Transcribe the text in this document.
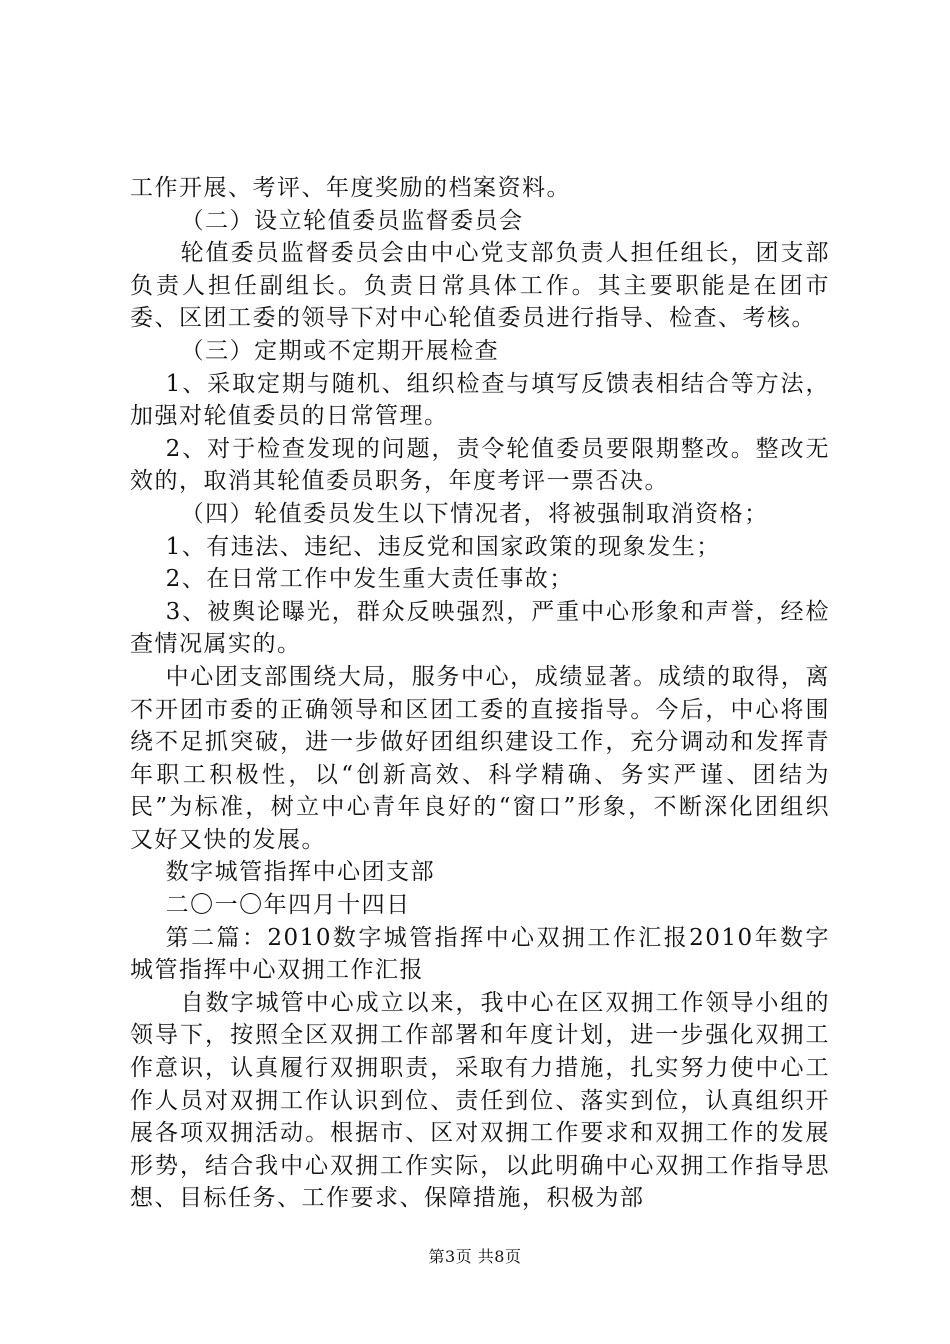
工作开展、考评、年度奖励的档案资料。

（二）设立轮值委员监督委员会

轮值委员监督委员会由中心党支部负责人担任组长，团支部负责人担任副组长。负责日常具体工作。其主要职能是在团市委、区团工委的领导下对中心轮值委员进行指导、检查、考核。

（三）定期或不定期开展检查

1、采取定期与随机、组织检查与填写反馈表相结合等方法，加强对轮值委员的日常管理。

2、对于检查发现的问题，责令轮值委员要限期整改。整改无效的，取消其轮值委员职务，年度考评一票否决。

（四）轮值委员发生以下情况者，将被强制取消资格；

1、有违法、违纪、违反党和国家政策的现象发生；

2、在日常工作中发生重大责任事故；

3、被舆论曝光，群众反映强烈，严重中心形象和声誉，经检查情况属实的。

中心团支部围绕大局，服务中心，成绩显著。成绩的取得，离不开团市委的正确领导和区团工委的直接指导。今后，中心将围绕不足抓突破，进一步做好团组织建设工作，充分调动和发挥青年职工积极性，以“创新高效、科学精确、务实严谨、团结为民”为标准，树立中心青年良好的“窗口”形象，不断深化团组织又好又快的发展。

数字城管指挥中心团支部

二〇一〇年四月十四日

第二篇：2010数字城管指挥中心双拥工作汇报2010年数字城管指挥中心双拥工作汇报

自数字城管中心成立以来，我中心在区双拥工作领导小组的领导下，按照全区双拥工作部署和年度计划，进一步强化双拥工作意识，认真履行双拥职责，采取有力措施，扎实努力使中心工作人员对双拥工作认识到位、责任到位、落实到位，认真组织开展各项双拥活动。根据市、区对双拥工作要求和双拥工作的发展形势，结合我中心双拥工作实际，以此明确中心双拥工作指导思想、目标任务、工作要求、保障措施，积极为部

第3页 共8页
